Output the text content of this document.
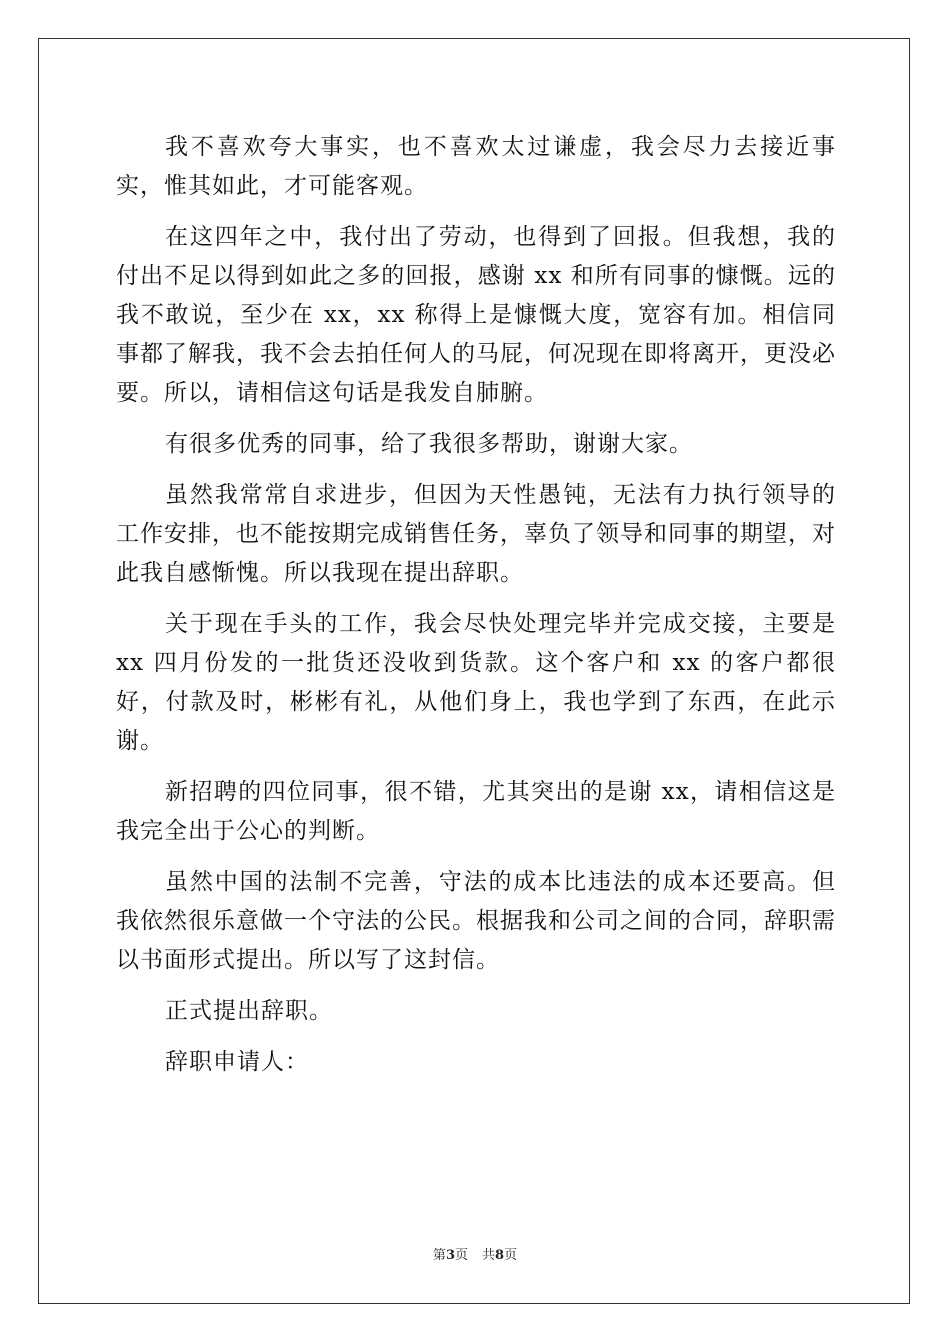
我不喜欢夸大事实，也不喜欢太过谦虚，我会尽力去接近事实，惟其如此，才可能客观。

在这四年之中，我付出了劳动，也得到了回报。但我想，我的付出不足以得到如此之多的回报，感谢 xx 和所有同事的慷慨。远的我不敢说，至少在 xx，xx 称得上是慷慨大度，宽容有加。相信同事都了解我，我不会去拍任何人的马屁，何况现在即将离开，更没必要。所以，请相信这句话是我发自肺腑。

有很多优秀的同事，给了我很多帮助，谢谢大家。

虽然我常常自求进步，但因为天性愚钝，无法有力执行领导的工作安排，也不能按期完成销售任务，辜负了领导和同事的期望，对此我自感惭愧。所以我现在提出辞职。

关于现在手头的工作，我会尽快处理完毕并完成交接，主要是 xx 四月份发的一批货还没收到货款。这个客户和 xx 的客户都很好，付款及时，彬彬有礼，从他们身上，我也学到了东西，在此示谢。

新招聘的四位同事，很不错，尤其突出的是谢 xx，请相信这是我完全出于公心的判断。

虽然中国的法制不完善，守法的成本比违法的成本还要高。但我依然很乐意做一个守法的公民。根据我和公司之间的合同，辞职需以书面形式提出。所以写了这封信。

正式提出辞职。

辞职申请人：

第3页 共8页
